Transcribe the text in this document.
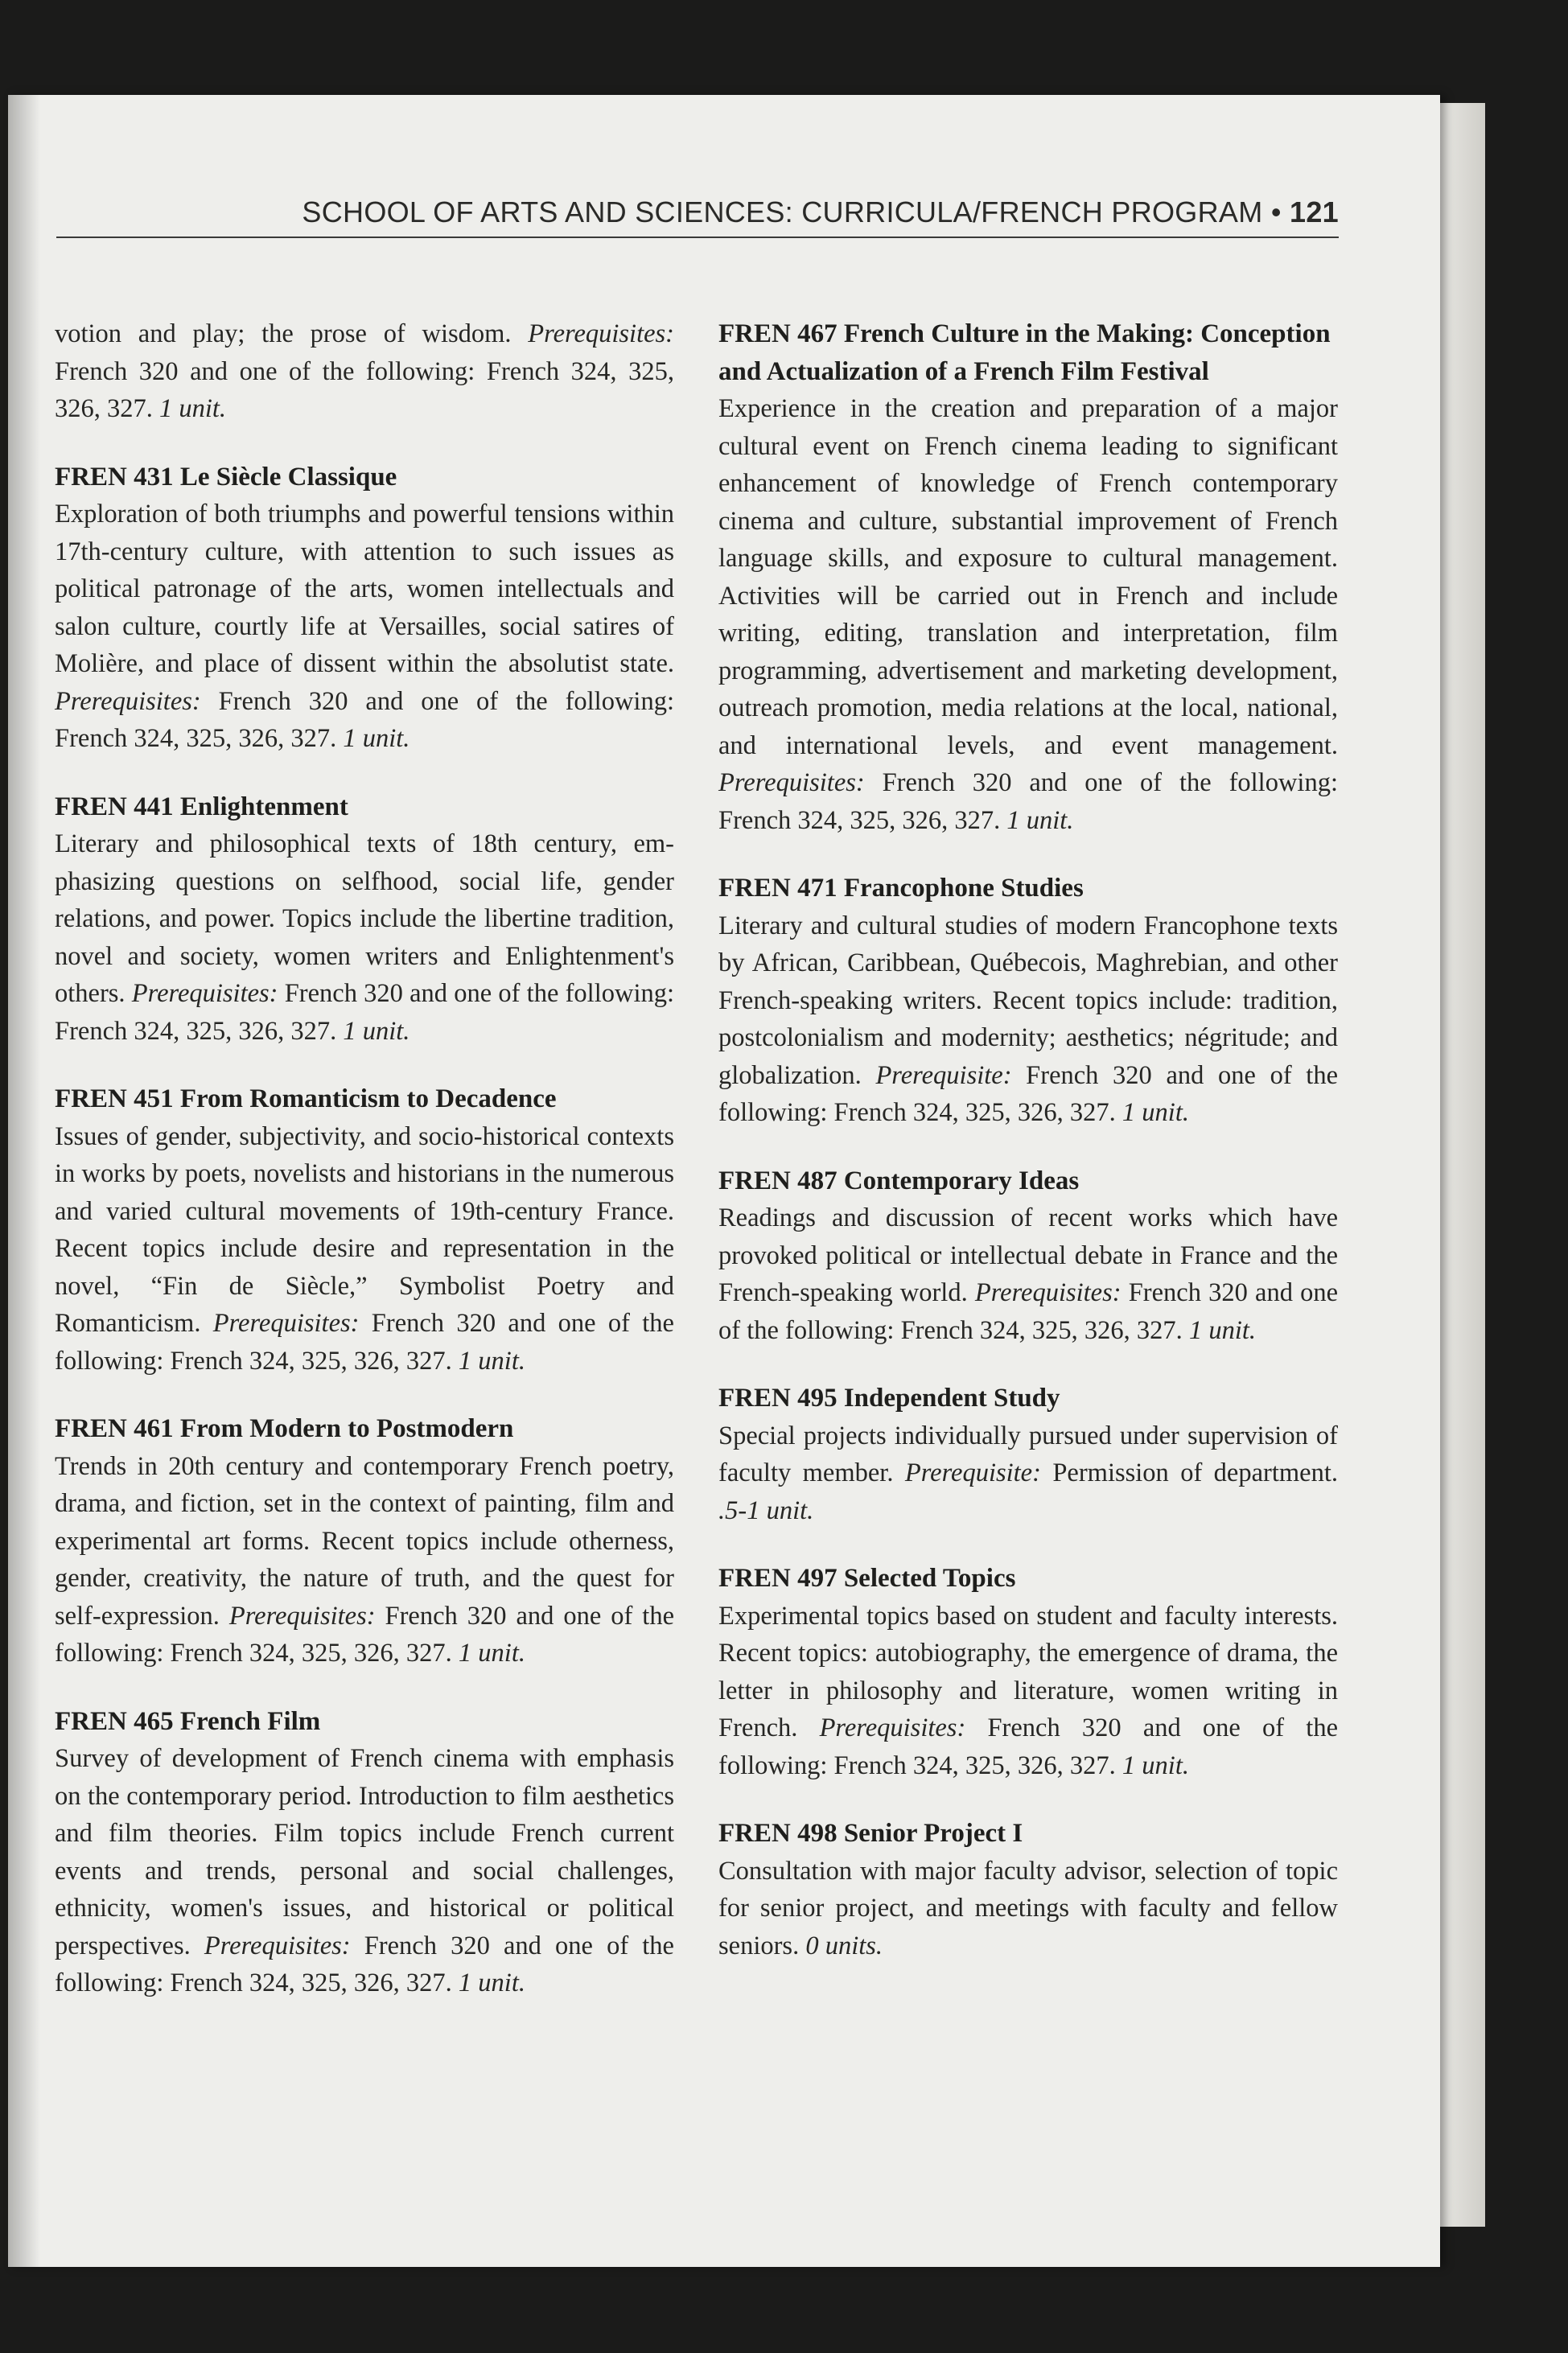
SCHOOL OF ARTS AND SCIENCES: CURRICULA/FRENCH PROGRAM • 121

votion and play; the prose of wisdom. Prerequisites: French 320 and one of the following: French 324, 325, 326, 327. 1 unit.

FREN 431 Le Siècle Classique

Exploration of both triumphs and powerful tensions within 17th-century culture, with attention to such issues as political patronage of the arts, women intellectuals and salon culture, courtly life at Versailles, social satires of Molière, and place of dissent within the absolutist state. Prerequisites: French 320 and one of the following: French 324, 325, 326, 327. 1 unit.

FREN 441 Enlightenment

Literary and philosophical texts of 18th century, emphasizing questions on selfhood, social life, gender relations, and power. Topics include the libertine tradition, novel and society, women writers and Enlightenment's others. Prerequisites: French 320 and one of the following: French 324, 325, 326, 327. 1 unit.

FREN 451 From Romanticism to Decadence

Issues of gender, subjectivity, and socio-historical contexts in works by poets, novelists and historians in the numerous and varied cultural movements of 19th-century France. Recent topics include desire and representation in the novel, “Fin de Siècle,” Symbolist Poetry and Romanticism. Prerequisites: French 320 and one of the following: French 324, 325, 326, 327. 1 unit.

FREN 461 From Modern to Postmodern

Trends in 20th century and contemporary French poetry, drama, and fiction, set in the context of painting, film and experimental art forms. Recent topics include otherness, gender, creativity, the nature of truth, and the quest for self-expression. Prerequisites: French 320 and one of the following: French 324, 325, 326, 327. 1 unit.

FREN 465 French Film

Survey of development of French cinema with emphasis on the contemporary period. Introduction to film aesthetics and film theories. Film topics include French current events and trends, personal and social challenges, ethnicity, women's issues, and historical or political perspectives. Prerequisites: French 320 and one of the following: French 324, 325, 326, 327. 1 unit.

FREN 467 French Culture in the Making: Conception and Actualization of a French Film Festival

Experience in the creation and preparation of a major cultural event on French cinema leading to significant enhancement of knowledge of French contemporary cinema and culture, substantial improvement of French language skills, and exposure to cultural management. Activities will be carried out in French and include writing, editing, translation and interpretation, film programming, advertisement and marketing development, outreach promotion, media relations at the local, national, and international levels, and event management. Prerequisites: French 320 and one of the following: French 324, 325, 326, 327. 1 unit.

FREN 471 Francophone Studies

Literary and cultural studies of modern Francophone texts by African, Caribbean, Québecois, Maghrebian, and other French-speaking writers. Recent topics include: tradition, postcolonialism and modernity; aesthetics; négritude; and globalization. Prerequisite: French 320 and one of the following: French 324, 325, 326, 327. 1 unit.

FREN 487 Contemporary Ideas

Readings and discussion of recent works which have provoked political or intellectual debate in France and the French-speaking world. Prerequisites: French 320 and one of the following: French 324, 325, 326, 327. 1 unit.

FREN 495 Independent Study

Special projects individually pursued under supervision of faculty member. Prerequisite: Permission of department. .5-1 unit.

FREN 497 Selected Topics

Experimental topics based on student and faculty interests. Recent topics: autobiography, the emergence of drama, the letter in philosophy and literature, women writing in French. Prerequisites: French 320 and one of the following: French 324, 325, 326, 327. 1 unit.

FREN 498 Senior Project I

Consultation with major faculty advisor, selection of topic for senior project, and meetings with faculty and fellow seniors. 0 units.
